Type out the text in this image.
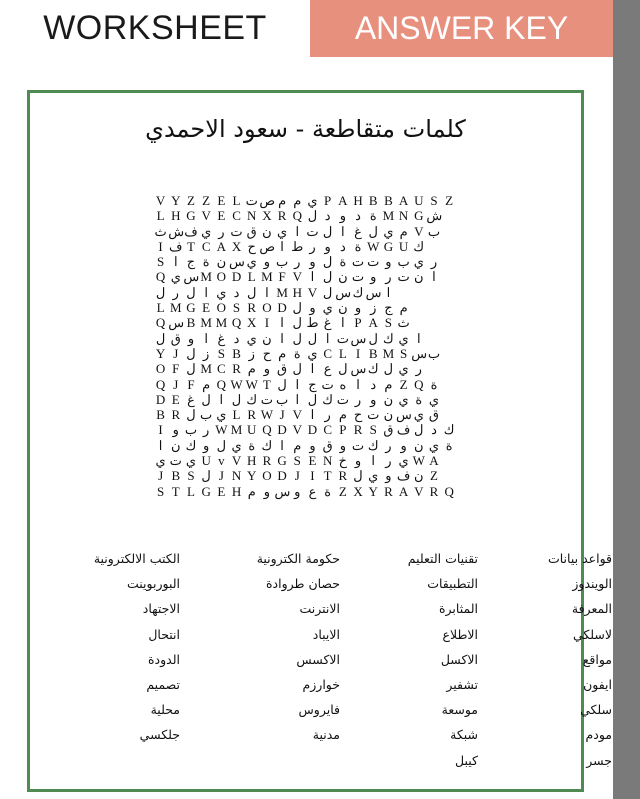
WORKSHEET	ANSWER KEY
كلمات متقاطعة - سعود الاحمدي
V Y Z Z E L ت ص م م ي P A H B B A U S Z
L H G V E C N X R Q ل د و د ة M N G ش
ث ش ف ي ر ت ق ن ي ا ت ل ا غ ل ي م V ب
I ف T C A X ح ص ا ط ر و د ة W G U ك
S ا ج ة ن س ي و ب ر و ل ة ت ت و ب ي ر
Q ي س M O D L M F V ا ل ن ت و ر ت ن ا
ل ر ل ا ي د ل ا M H V ل س ك س ا
L M G E O S R O D ل و ي ن و ز ج م
Q س B M M Q X I ا ل ط غ ا P A S ث
ل ق و ا غ د ي ن ا ل ل ا ت س ل ك ي ا
Y J ل ز S B ز ح م ة ي C L I B M S س ب
O F ل M C R م و ق ل ا ع ل س ك ل ي ر
Q J F م Q W W T ل ا ج ت ه ا د م Z Q ة
D E غ ل ا ل ك ت ب ا ل ك ت ر و ن ي ة ي
B R ل ب ي L R W J V ا ر م ح ت ن س ي ق
I و ب ر W M U Q D V D C P R S ق ف ل د ك
ا ن ك و ل ي ة ك ا م و ق و ت ك ر و ن ي ة
ي ت ي U v V H R G S E N خ و ا ر ي W A
J B S ل J N Y O D J I T R ل ي و ف ن Z
S T L G E H م و س و ع ة Z X Y R A V R Q
قواعد بيانات
تقنيات التعليم
حكومة الكترونية
الكتب الالكترونية
الويندوز
التطبيقات
حصان طروادة
البوربوينت
المعرفة
المثابرة
الانترنت
الاجتهاد
لاسلكي
الاطلاع
الايباد
انتحال
مواقع
الاكسل
الاكسس
الدودة
ايفون
تشفير
خوارزم
تصميم
سلكي
موسعة
فايروس
محلية
مودم
شبكة
مدنية
جلكسي
جسر
كيبل
